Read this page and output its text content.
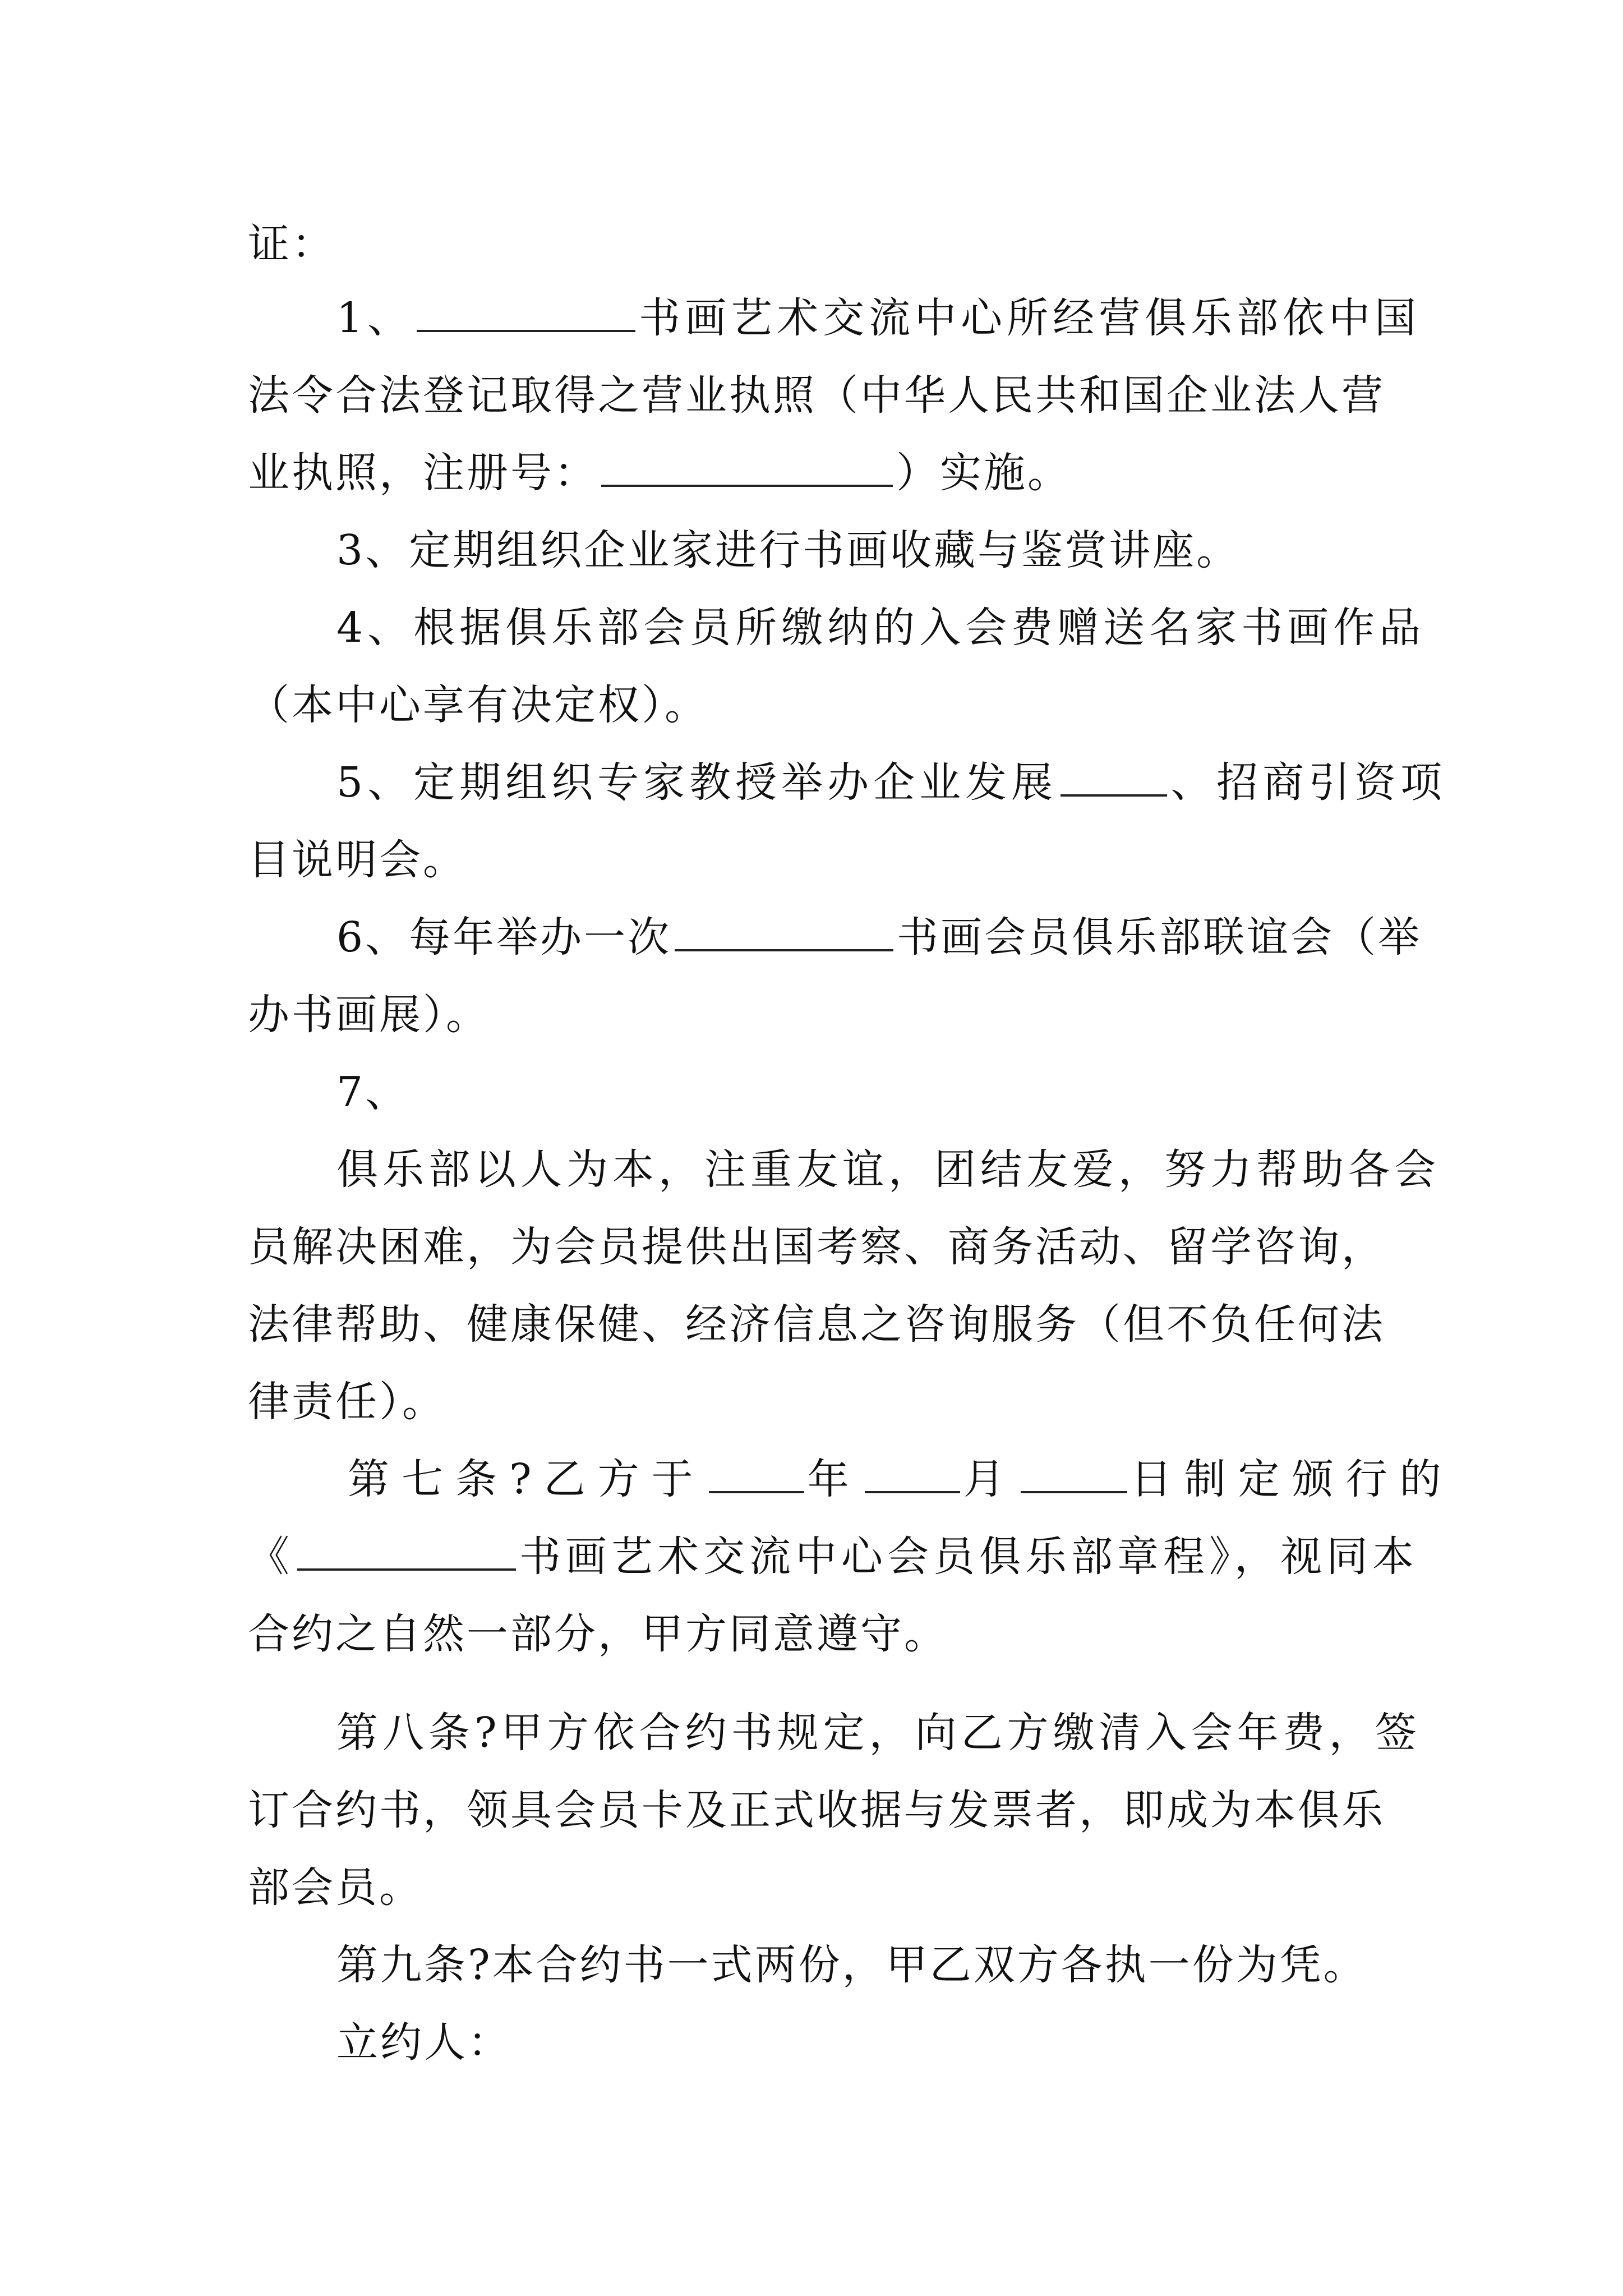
证：
1、	书画艺术交流中心所经营俱乐部依中国
法令合法登记取得之营业执照（中华人民共和国企业法人营
业执照，注册号：	）实施。
3、定期组织企业家进行书画收藏与鉴赏讲座。
4、根据俱乐部会员所缴纳的入会费赠送名家书画作品
（本中心享有决定权）。
5、定期组织专家教授举办企业发展	、招商引资项
目说明会。
6、每年举办一次	书画会员俱乐部联谊会（举
办书画展）。
7、
俱乐部以人为本，注重友谊，团结友爱，努力帮助各会
员解决困难，为会员提供出国考察、商务活动、留学咨询，
法律帮助、健康保健、经济信息之咨询服务（但不负任何法
律责任）。
第七条?乙方于 年 月	日制定颁行的
《	书画艺术交流中心会员俱乐部章程》，视同本
合约之自然一部分，甲方同意遵守。
第八条?甲方依合约书规定，向乙方缴清入会年费，签
订合约书，领具会员卡及正式收据与发票者，即成为本俱乐
部会员。
第九条?本合约书一式两份，甲乙双方各执一份为凭。
立约人：
